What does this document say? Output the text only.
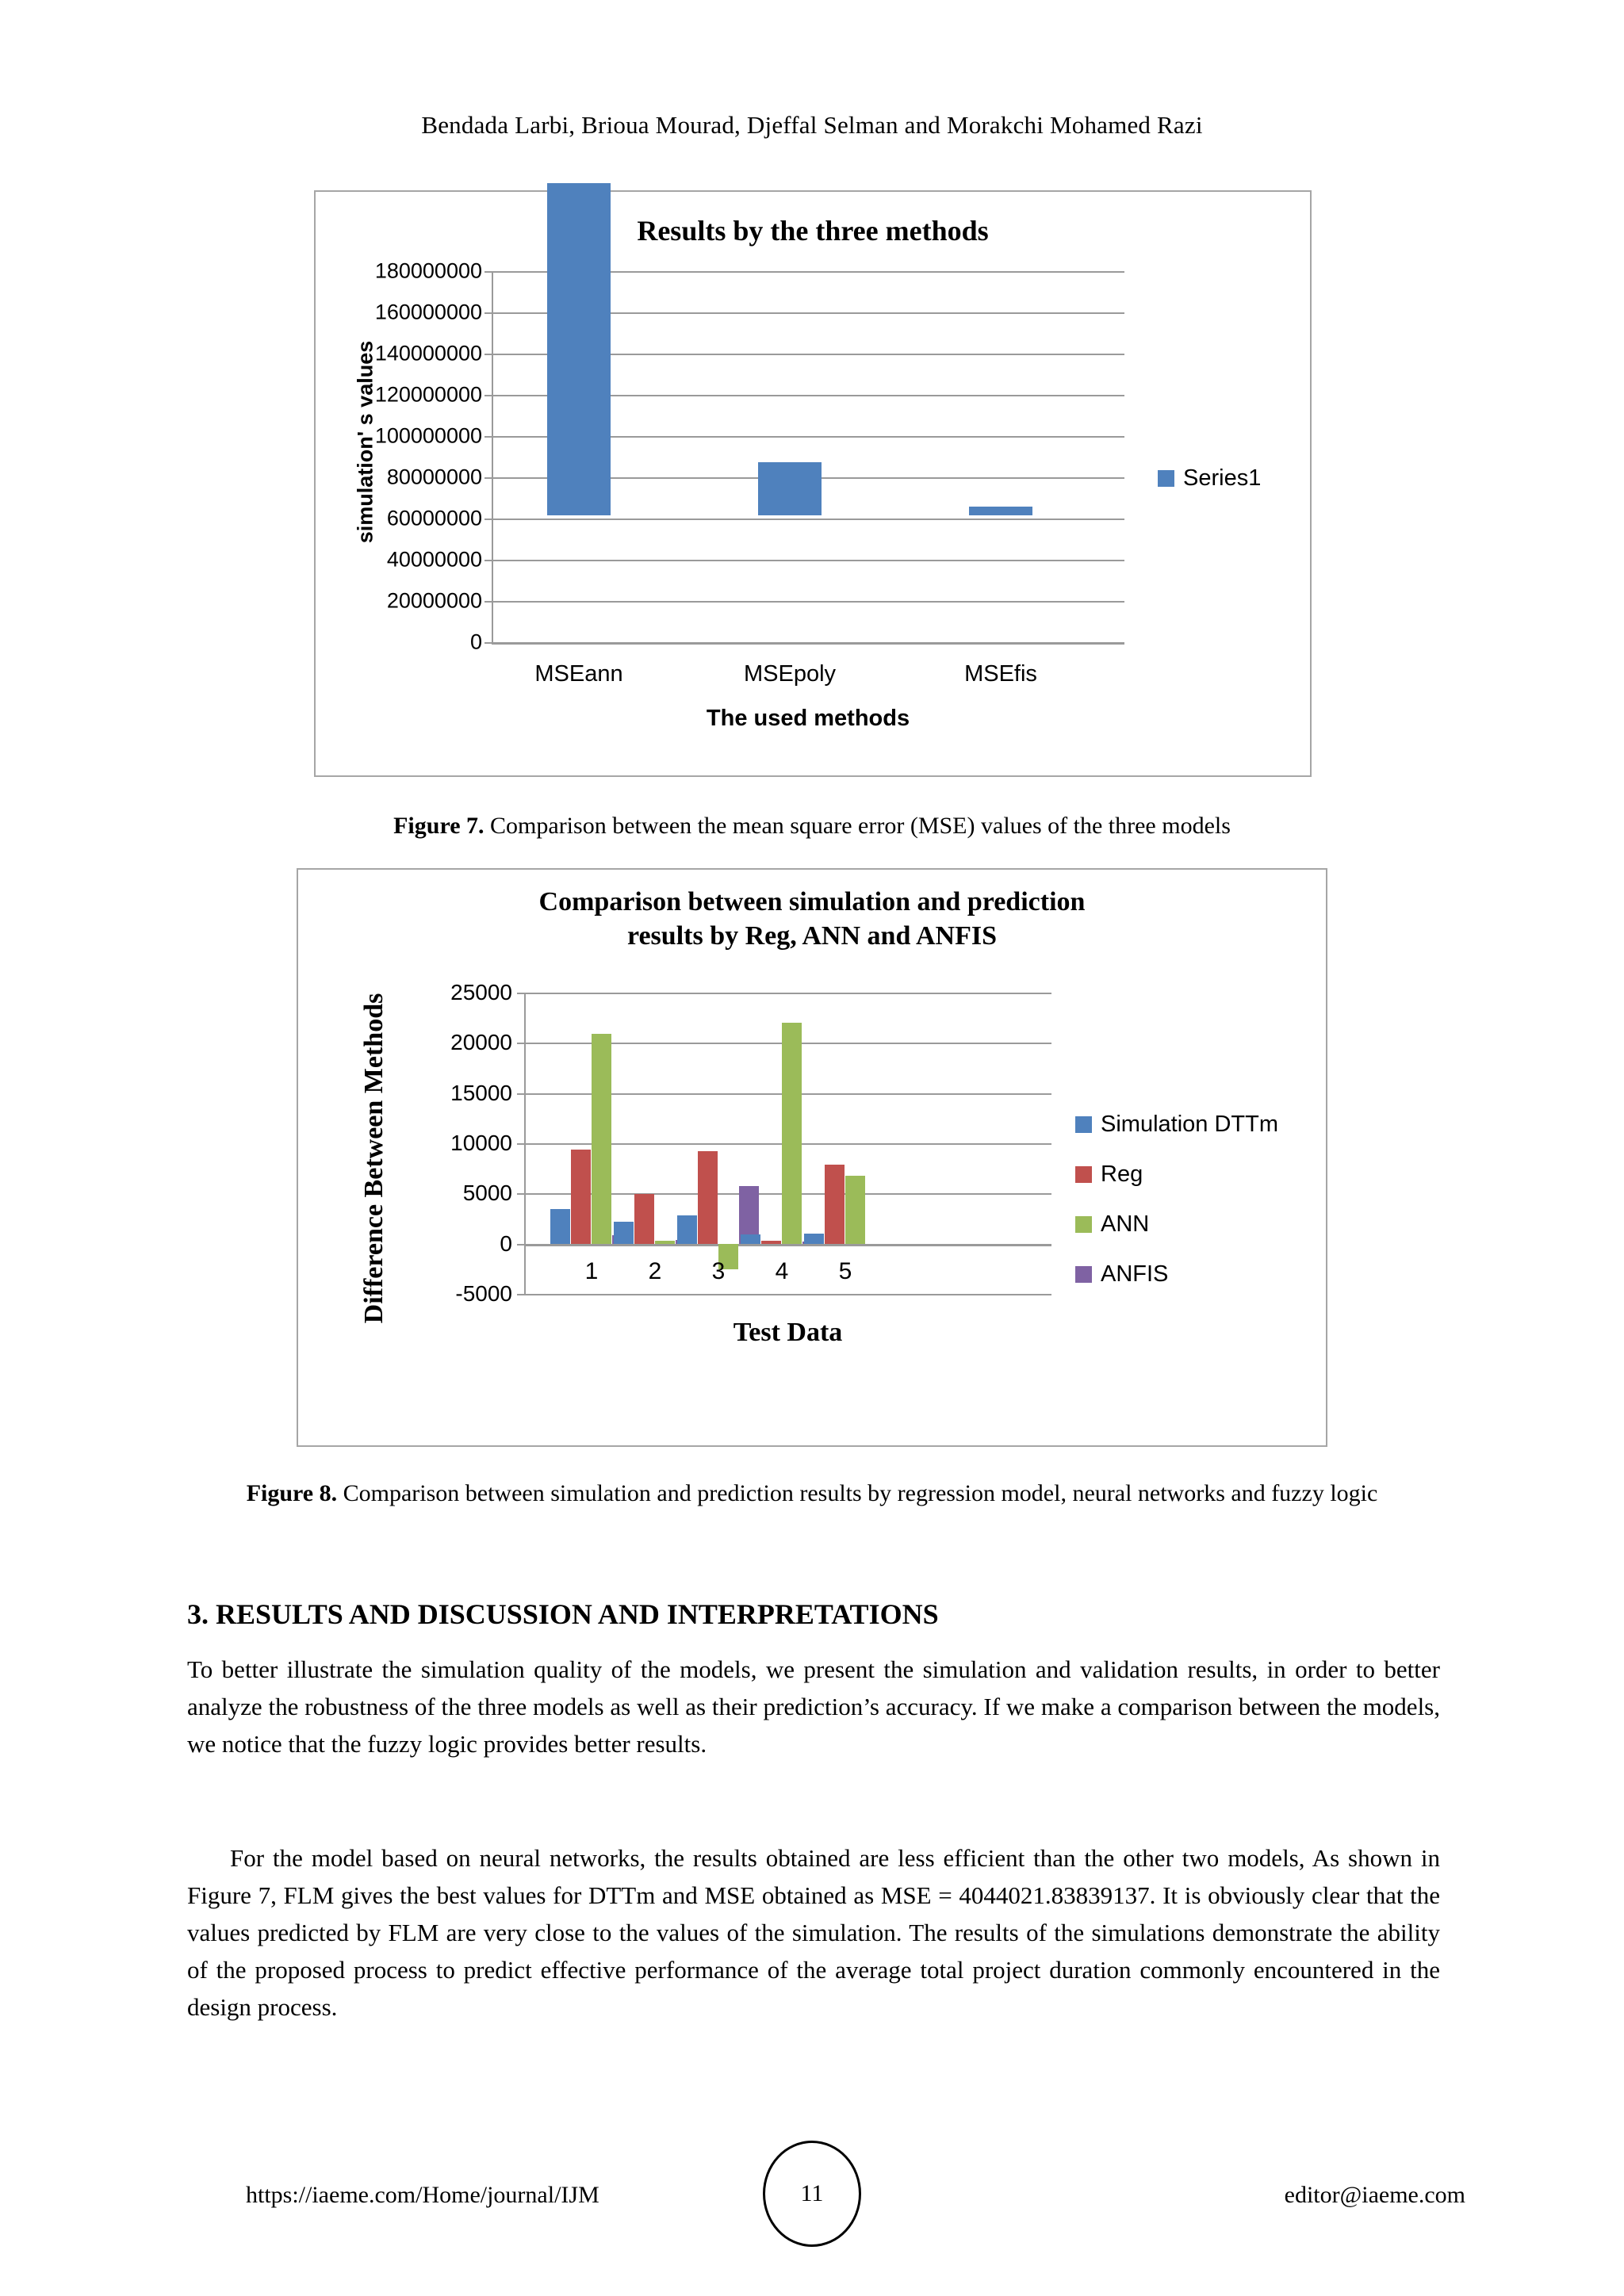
Bendada Larbi, Brioua Mourad, Djeffal Selman and Morakchi Mohamed Razi
Results by the three methods
simulation' s values
180000000
160000000
140000000
120000000
100000000
80000000
60000000
40000000
20000000
0
MSEann	MSEpoly	MSEfis
The used methods
Series1
Figure 7. Comparison between the mean square error (MSE) values of the three models
Comparison between simulation and prediction
results by Reg, ANN and ANFIS
Difference Between Methods
25000
20000
15000
10000
5000
0
-5000
1 2 3 4 5
Test Data
Simulation DTTm
Reg
ANN
ANFIS
Figure 8. Comparison between simulation and prediction results by regression model, neural networks and fuzzy logic
3. RESULTS AND DISCUSSION AND INTERPRETATIONS
To better illustrate the simulation quality of the models, we present the simulation and validation results, in order to better analyze the robustness of the three models as well as their prediction’s accuracy. If we make a comparison between the models, we notice that the fuzzy logic provides better results.
For the model based on neural networks, the results obtained are less efficient than the other two models, As shown in Figure 7, FLM gives the best values for DTTm and MSE obtained as MSE = 4044021.83839137. It is obviously clear that the values predicted by FLM are very close to the values of the simulation. The results of the simulations demonstrate the ability of the proposed process to predict effective performance of the average total project duration commonly encountered in the design process.
https://iaeme.com/Home/journal/IJM	11	editor@iaeme.com
